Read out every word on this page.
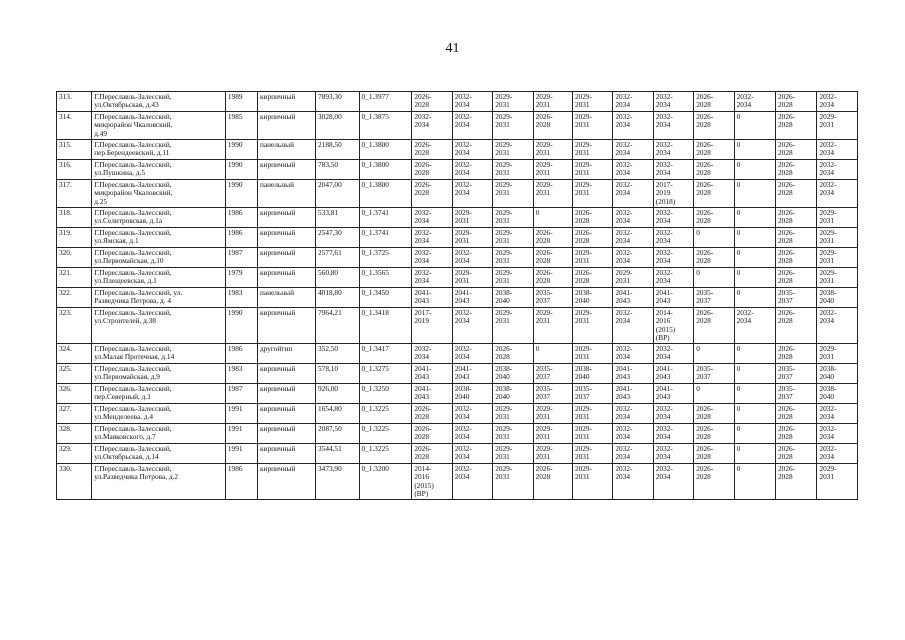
41
313.	Г.Переславль-Залесский,
ул.Октябрьская, д.43	1989	кирпичный	7893,30	0_1.3977	2026-
2028	2032-
2034	2029-
2031	2029-
2031	2029-
2031	2032-
2034	2032-
2034	2026-
2028	2032-
2034	2026-
2028	2032-
2034
314.	Г.Переславль-Залесский,
микрорайон Чкаловский,
д.49	1985	кирпичный	3028,00	0_1.3875	2032-
2034	2032-
2034	2029-
2031	2026-
2028	2029-
2031	2032-
2034	2032-
2034	2026-
2028	0	2026-
2028	2029-
2031
315.	Г.Переславль-Залесский,
пер.Берендеевский, д.11	1990	панельный	2188,50	0_1.3800	2026-
2028	2032-
2034	2029-
2031	2029-
2031	2029-
2031	2032-
2034	2032-
2034	2026-
2028	0	2026-
2028	2032-
2034
316.	Г.Переславль-Залесский,
ул.Пушкина, д.5	1990	кирпичный	783,50	0_1.3800	2026-
2028	2032-
2034	2029-
2031	2029-
2031	2029-
2031	2032-
2034	2032-
2034	2026-
2028	0	2026-
2028	2032-
2034
317.	Г.Переславль-Залесский,
микрорайон Чкаловский,
д.25	1990	панельный	2047,00	0_1.3800	2026-
2028	2032-
2034	2029-
2031	2029-
2031	2029-
2031	2032-
2034	2017-
2019
(2018)	2026-
2028	0	2026-
2028	2032-
2034
318.	Г.Переславль-Залесский,
ул.Селитровская, д.1а	1986	кирпичный	533,81	0_1.3741	2032-
2034	2029-
2031	2029-
2031	0	2026-
2028	2032-
2034	2032-
2034	2026-
2028	0	2026-
2028	2029-
2031
319.	Г.Переславль-Залесский,
ул.Ямская, д.1	1986	кирпичный	2547,30	0_1.3741	2032-
2034	2029-
2031	2029-
2031	2026-
2028	2026-
2028	2032-
2034	2032-
2034	0	0	2026-
2028	2029-
2031
320.	Г.Переславль-Залесский,
ул.Первомайская, д.10	1987	кирпичный	2577,61	0_1.3725	2032-
2034	2032-
2034	2029-
2031	2026-
2028	2029-
2031	2032-
2034	2032-
2034	2026-
2028	0	2026-
2028	2029-
2031
321.	Г.Переславль-Залесский,
ул.Плещеевская, д.1	1979	кирпичный	560,80	0_1.3565	2032-
2034	2029-
2031	2029-
2031	2026-
2028	2026-
2028	2029-
2031	2032-
2034	0	0	2026-
2028	2029-
2031
322.	Г.Переславль-Залесский, ул.
Разведчика Петрова, д. 4	1983	панельный	4018,80	0_1.3450	2041-
2043	2041-
2043	2038-
2040	2035-
2037	2038-
2040	2041-
2043	2041-
2043	2035-
2037	0	2035-
2037	2038-
2040
323.	Г.Переславль-Залесский,
ул.Строителей, д.38	1990	кирпичный	7964,21	0_1.3418	2017-
2019	2032-
2034	2029-
2031	2029-
2031	2029-
2031	2032-
2034	2014-
2016
(2015)
(ВР)	2026-
2028	2032-
2034	2026-
2028	2032-
2034
324.	Г.Переславль-Залесский,
ул.Малая Протечная, д.14	1986	другойтип	352,50	0_1.3417	2032-
2034	2032-
2034	2026-
2028	0	2029-
2031	2032-
2034	2032-
2034	0	0	2026-
2028	2029-
2031
325.	Г.Переславль-Залесский,
ул.Первомайская, д.9	1983	кирпичный	578,10	0_1.3275	2041-
2043	2041-
2043	2038-
2040	2035-
2037	2038-
2040	2041-
2043	2041-
2043	2035-
2037	0	2035-
2037	2038-
2040
326.	Г.Переславль-Залесский,
пер.Северный, д.1	1987	кирпичный	926,00	0_1.3250	2041-
2043	2038-
2040	2038-
2040	2035-
2037	2035-
2037	2041-
2043	2041-
2043	0	0	2035-
2037	2038-
2040
327.	Г.Переславль-Залесский,
ул.Менделеева, д.4	1991	кирпичный	1654,80	0_1.3225	2026-
2028	2032-
2034	2029-
2031	2029-
2031	2029-
2031	2032-
2034	2032-
2034	2026-
2028	0	2026-
2028	2032-
2034
328.	Г.Переславль-Залесский,
ул.Маяковского, д.7	1991	кирпичный	2087,50	0_1.3225	2026-
2028	2032-
2034	2029-
2031	2029-
2031	2029-
2031	2032-
2034	2032-
2034	2026-
2028	0	2026-
2028	2032-
2034
329.	Г.Переславль-Залесский,
ул.Октябрьская, д.14	1991	кирпичный	3544,51	0_1.3225	2026-
2028	2032-
2034	2029-
2031	2029-
2031	2029-
2031	2032-
2034	2032-
2034	2026-
2028	0	2026-
2028	2032-
2034
330.	Г.Переславль-Залесский,
ул.Разведчика Петрова, д.2	1986	кирпичный	3473,90	0_1.3200	2014-
2016
(2015)
(ВР)	2032-
2034	2029-
2031	2026-
2028	2029-
2031	2032-
2034	2032-
2034	2026-
2028	0	2026-
2028	2029-
2031
